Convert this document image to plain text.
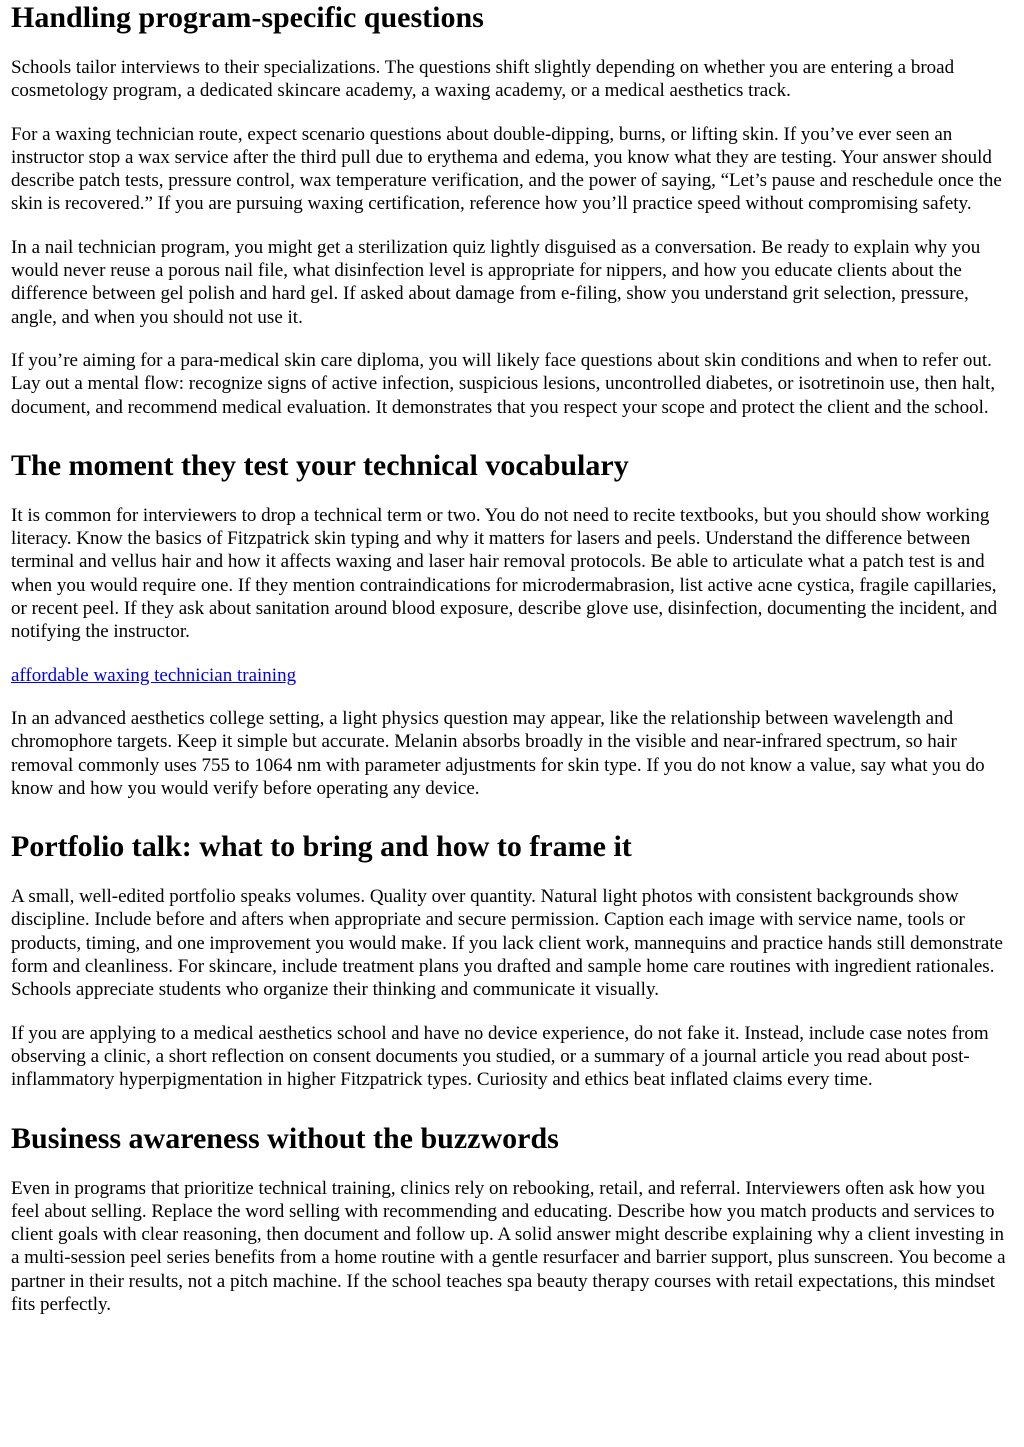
Handling program-specific questions

Schools tailor interviews to their specializations. The questions shift slightly depending on whether you are entering a broad cosmetology program, a dedicated skincare academy, a waxing academy, or a medical aesthetics track.

For a waxing technician route, expect scenario questions about double-dipping, burns, or lifting skin. If you’ve ever seen an instructor stop a wax service after the third pull due to erythema and edema, you know what they are testing. Your answer should describe patch tests, pressure control, wax temperature verification, and the power of saying, “Let’s pause and reschedule once the skin is recovered.” If you are pursuing waxing certification, reference how you’ll practice speed without compromising safety.

In a nail technician program, you might get a sterilization quiz lightly disguised as a conversation. Be ready to explain why you would never reuse a porous nail file, what disinfection level is appropriate for nippers, and how you educate clients about the difference between gel polish and hard gel. If asked about damage from e-filing, show you understand grit selection, pressure, angle, and when you should not use it.

If you’re aiming for a para-medical skin care diploma, you will likely face questions about skin conditions and when to refer out. Lay out a mental flow: recognize signs of active infection, suspicious lesions, uncontrolled diabetes, or isotretinoin use, then halt, document, and recommend medical evaluation. It demonstrates that you respect your scope and protect the client and the school.

The moment they test your technical vocabulary

It is common for interviewers to drop a technical term or two. You do not need to recite textbooks, but you should show working literacy. Know the basics of Fitzpatrick skin typing and why it matters for lasers and peels. Understand the difference between terminal and vellus hair and how it affects waxing and laser hair removal protocols. Be able to articulate what a patch test is and when you would require one. If they mention contraindications for microdermabrasion, list active acne cystica, fragile capillaries, or recent peel. If they ask about sanitation around blood exposure, describe glove use, disinfection, documenting the incident, and notifying the instructor.

affordable waxing technician training

In an advanced aesthetics college setting, a light physics question may appear, like the relationship between wavelength and chromophore targets. Keep it simple but accurate. Melanin absorbs broadly in the visible and near-infrared spectrum, so hair removal commonly uses 755 to 1064 nm with parameter adjustments for skin type. If you do not know a value, say what you do know and how you would verify before operating any device.

Portfolio talk: what to bring and how to frame it

A small, well-edited portfolio speaks volumes. Quality over quantity. Natural light photos with consistent backgrounds show discipline. Include before and afters when appropriate and secure permission. Caption each image with service name, tools or products, timing, and one improvement you would make. If you lack client work, mannequins and practice hands still demonstrate form and cleanliness. For skincare, include treatment plans you drafted and sample home care routines with ingredient rationales. Schools appreciate students who organize their thinking and communicate it visually.

If you are applying to a medical aesthetics school and have no device experience, do not fake it. Instead, include case notes from observing a clinic, a short reflection on consent documents you studied, or a summary of a journal article you read about post-inflammatory hyperpigmentation in higher Fitzpatrick types. Curiosity and ethics beat inflated claims every time.

Business awareness without the buzzwords

Even in programs that prioritize technical training, clinics rely on rebooking, retail, and referral. Interviewers often ask how you feel about selling. Replace the word selling with recommending and educating. Describe how you match products and services to client goals with clear reasoning, then document and follow up. A solid answer might describe explaining why a client investing in a multi-session peel series benefits from a home routine with a gentle resurfacer and barrier support, plus sunscreen. You become a partner in their results, not a pitch machine. If the school teaches spa beauty therapy courses with retail expectations, this mindset fits perfectly.
